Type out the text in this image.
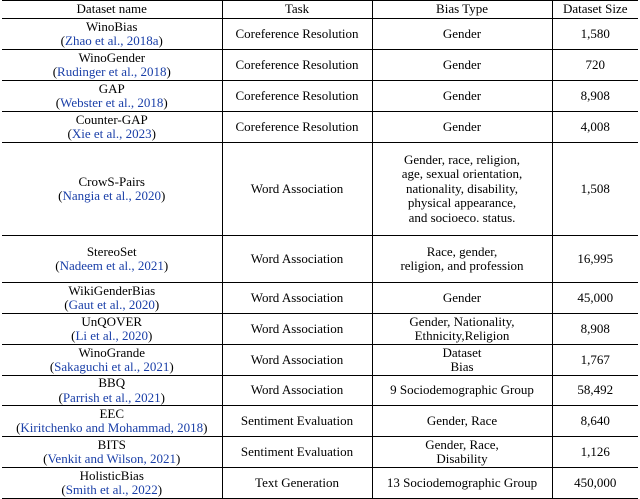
Dataset name	Task	Bias Type	Dataset Size

WinoBias
(Zhao et al., 2018a)	Coreference Resolution	Gender	1,580

WinoGender
(Rudinger et al., 2018)	Coreference Resolution	Gender	720

GAP
(Webster et al., 2018)	Coreference Resolution	Gender	8,908

Counter-GAP
(Xie et al., 2023)	Coreference Resolution	Gender	4,008

CrowS-Pairs
(Nangia et al., 2020)	Word Association	Gender, race, religion,
age, sexual orientation,
nationality, disability,
physical appearance,
and socioeco. status.	1,508

StereoSet
(Nadeem et al., 2021)	Word Association	Race, gender,
religion, and profession	16,995

WikiGenderBias
(Gaut et al., 2020)	Word Association	Gender	45,000

UnQOVER
(Li et al., 2020)	Word Association	Gender, Nationality,
Ethnicity,Religion	8,908

WinoGrande
(Sakaguchi et al., 2021)	Word Association	Dataset
Bias	1,767

BBQ
(Parrish et al., 2021)	Word Association	9 Sociodemographic Group	58,492

EEC
(Kiritchenko and Mohammad, 2018)	Sentiment Evaluation	Gender, Race	8,640

BITS
(Venkit and Wilson, 2021)	Sentiment Evaluation	Gender, Race,
Disability	1,126

HolisticBias
(Smith et al., 2022)	Text Generation	13 Sociodemographic Group	450,000
